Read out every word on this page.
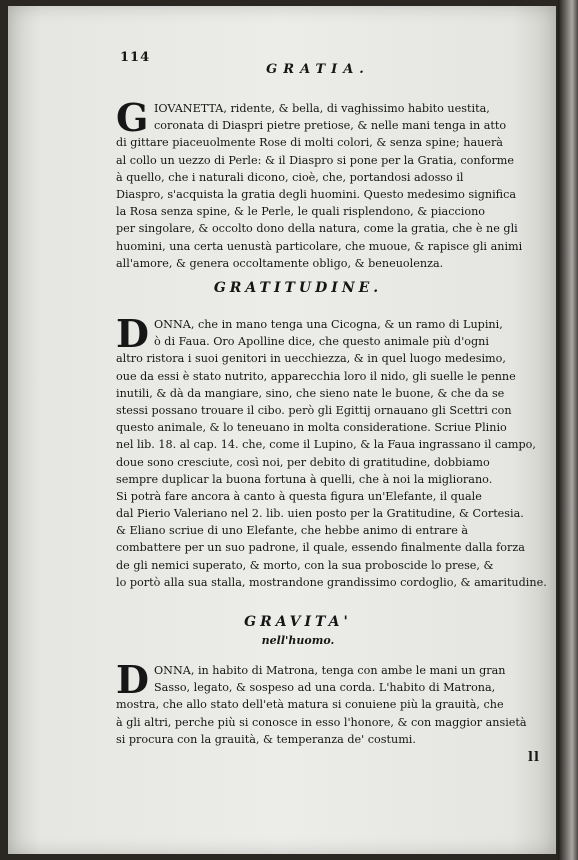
114
GRATIA.
G IOVANETTA, ridente, & bella, di vaghissimo habito uestita,
coronata di Diaspri pietre pretiose, & nelle mani tenga in atto
di gittare piaceuolmente Rose di molti colori, & senza spine; hauerà
al collo un uezzo di Perle: & il Diaspro si pone per la Gratia, conforme
à quello, che i naturali dicono, cioè, che, portandosi adosso il
Diaspro, s'acquista la gratia degli huomini. Questo medesimo significa
la Rosa senza spine, & le Perle, le quali risplendono, & piacciono
per singolare, & occolto dono della natura, come la gratia, che è ne gli
huomini, una certa uenustà particolare, che muoue, & rapisce gli animi
all'amore, & genera occoltamente obligo, & beneuolenza.
GRATITUDINE.
D ONNA, che in mano tenga una Cicogna, & un ramo di Lupini,
ò di Faua. Oro Apolline dice, che questo animale più d'ogni
altro ristora i suoi genitori in uecchiezza, & in quel luogo medesimo,
oue da essi è stato nutrito, apparecchia loro il nido, gli suelle le penne
inutili, & dà da mangiare, sino, che sieno nate le buone, & che da se
stessi possano trouare il cibo. però gli Egittij ornauano gli Scettri con
questo animale, & lo teneuano in molta consideratione. Scriue Plinio
nel lib. 18. al cap. 14. che, come il Lupino, & la Faua ingrassano il campo,
doue sono cresciute, così noi, per debito di gratitudine, dobbiamo
sempre duplicar la buona fortuna à quelli, che à noi la migliorano.
Si potrà fare ancora à canto à questa figura un'Elefante, il quale
dal Pierio Valeriano nel 2. lib. uien posto per la Gratitudine, & Cortesia.
& Eliano scriue di uno Elefante, che hebbe animo di entrare à
combattere per un suo padrone, il quale, essendo finalmente dalla forza
de gli nemici superato, & morto, con la sua proboscide lo prese, &
lo portò alla sua stalla, mostrandone grandissimo cordoglio, & amaritudine.
GRAVITA'
nell'huomo.
D ONNA, in habito di Matrona, tenga con ambe le mani un gran
Sasso, legato, & sospeso ad una corda. L'habito di Matrona,
mostra, che allo stato dell'età matura si conuiene più la grauità, che
à gli altri, perche più si conosce in esso l'honore, & con maggior ansietà
si procura con la grauità, & temperanza de' costumi.
ll
